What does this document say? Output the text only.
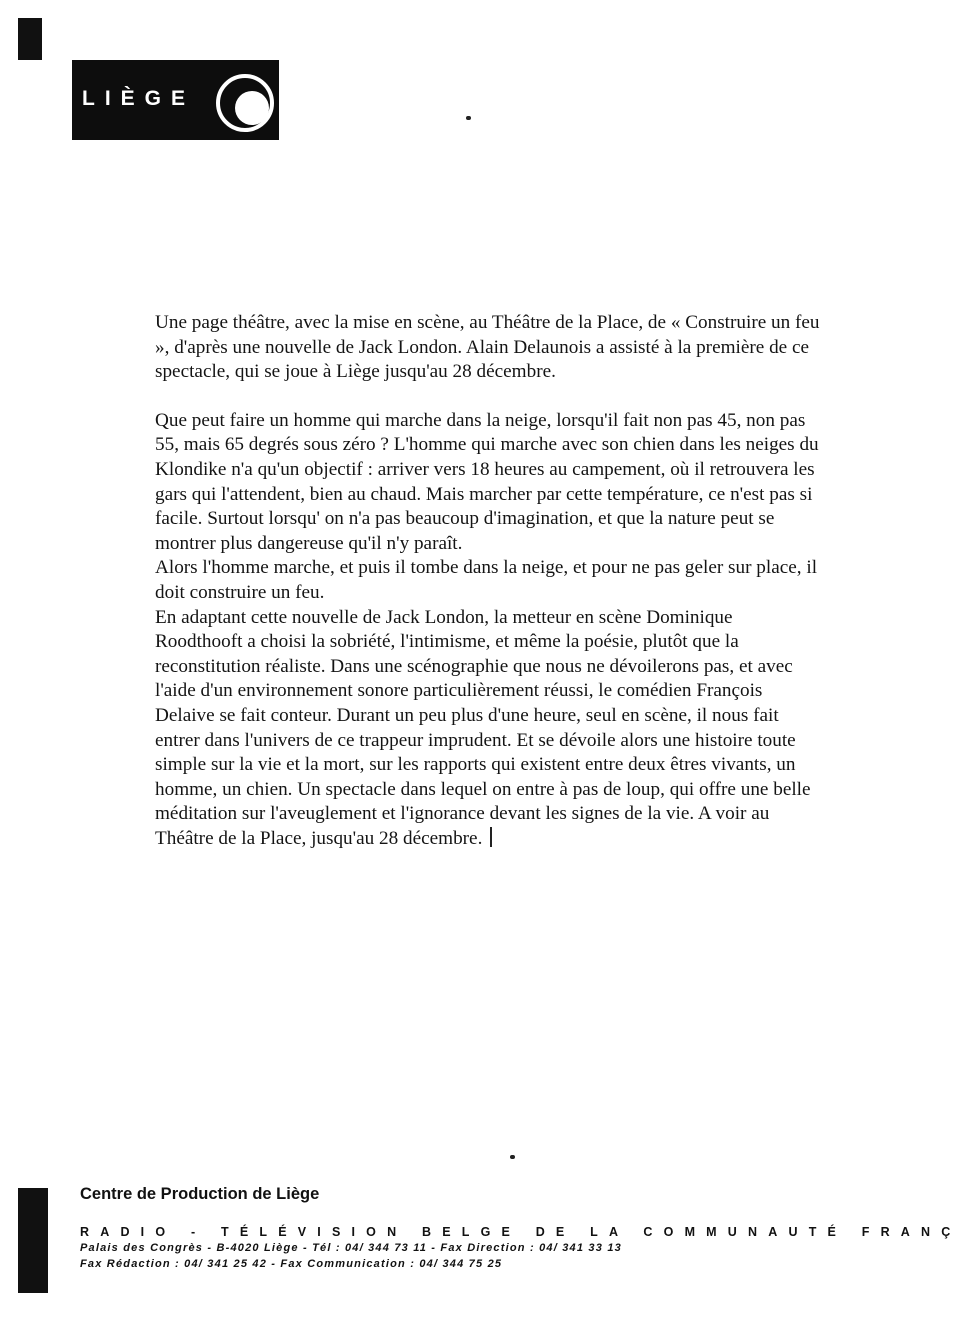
LIÈGE

Une page théâtre, avec la mise en scène, au Théâtre de la Place, de « Construire un feu », d'après une nouvelle de Jack London. Alain Delaunois a assisté à la première de ce spectacle, qui se joue à Liège jusqu'au 28 décembre.

Que peut faire un homme qui marche dans la neige, lorsqu'il fait non pas 45, non pas 55, mais 65 degrés sous zéro ? L'homme qui marche avec son chien dans les neiges du Klondike n'a qu'un objectif : arriver vers 18 heures au campement, où il retrouvera les gars qui l'attendent, bien au chaud. Mais marcher par cette température, ce n'est pas si facile. Surtout lorsqu' on n'a pas beaucoup d'imagination, et que la nature peut se montrer plus dangereuse qu'il n'y paraît.

Alors l'homme marche, et puis il tombe dans la neige, et pour ne pas geler sur place, il doit construire un feu.

En adaptant cette nouvelle de Jack London, la metteur en scène Dominique Roodthooft a choisi la sobriété, l'intimisme, et même la poésie, plutôt que la reconstitution réaliste. Dans une scénographie que nous ne dévoilerons pas, et avec l'aide d'un environnement sonore particulièrement réussi, le comédien François Delaive se fait conteur. Durant un peu plus d'une heure, seul en scène, il nous fait entrer dans l'univers de ce trappeur imprudent. Et se dévoile alors une histoire toute simple sur la vie et la mort, sur les rapports qui existent entre deux êtres vivants, un homme, un chien. Un spectacle dans lequel on entre à pas de loup, qui offre une belle méditation sur l'aveuglement et l'ignorance devant les signes de la vie. A voir au Théâtre de la Place, jusqu'au 28 décembre.

Centre de Production de Liège
RADIO - TÉLÉVISION BELGE DE LA COMMUNAUTÉ FRANÇ
Palais des Congrès - B-4020 Liège - Tél : 04/ 344 73 11 - Fax Direction : 04/ 341 33 13
Fax Rédaction : 04/ 341 25 42 - Fax Communication : 04/ 344 75 25
